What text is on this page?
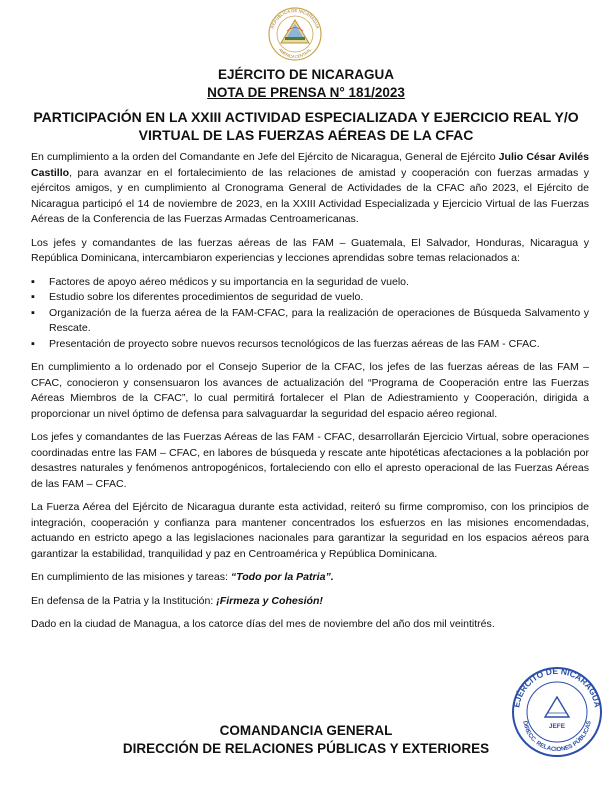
REPÚBLICA DE NICARAGUA
AMÉRICA CENTRAL
EJÉRCITO DE NICARAGUA
NOTA DE PRENSA N° 181/2023
PARTICIPACIÓN EN LA XXIII ACTIVIDAD ESPECIALIZADA Y EJERCICIO REAL Y/O
VIRTUAL DE LAS FUERZAS AÉREAS DE LA CFAC

En cumplimiento a la orden del Comandante en Jefe del Ejército de Nicaragua, General de Ejército Julio César Avilés Castillo, para avanzar en el fortalecimiento de las relaciones de amistad y cooperación con fuerzas armadas y ejércitos amigos, y en cumplimiento al Cronograma General de Actividades de la CFAC año 2023, el Ejército de Nicaragua participó el 14 de noviembre de 2023, en la XXIII Actividad Especializada y Ejercicio Virtual de las Fuerzas Aéreas de la Conferencia de las Fuerzas Armadas Centroamericanas.

Los jefes y comandantes de las fuerzas aéreas de las FAM – Guatemala, El Salvador, Honduras, Nicaragua y República Dominicana, intercambiaron experiencias y lecciones aprendidas sobre temas relacionados a:

▪ Factores de apoyo aéreo médicos y su importancia en la seguridad de vuelo.
▪ Estudio sobre los diferentes procedimientos de seguridad de vuelo.
▪ Organización de la fuerza aérea de la FAM-CFAC, para la realización de operaciones de Búsqueda Salvamento y Rescate.
▪ Presentación de proyecto sobre nuevos recursos tecnológicos de las fuerzas aéreas de las FAM - CFAC.

En cumplimiento a lo ordenado por el Consejo Superior de la CFAC, los jefes de las fuerzas aéreas de las FAM – CFAC, conocieron y consensuaron los avances de actualización del “Programa de Cooperación entre las Fuerzas Aéreas Miembros de la CFAC”, lo cual permitirá fortalecer el Plan de Adiestramiento y Cooperación, dirigida a proporcionar un nivel óptimo de defensa para salvaguardar la seguridad del espacio aéreo regional.

Los jefes y comandantes de las Fuerzas Aéreas de las FAM - CFAC, desarrollarán Ejercicio Virtual, sobre operaciones coordinadas entre las FAM – CFAC, en labores de búsqueda y rescate ante hipotéticas afectaciones a la población por desastres naturales y fenómenos antropogénicos, fortaleciendo con ello el apresto operacional de las Fuerzas Aéreas de las FAM – CFAC.

La Fuerza Aérea del Ejército de Nicaragua durante esta actividad, reiteró su firme compromiso, con los principios de integración, cooperación y confianza para mantener concentrados los esfuerzos en las misiones encomendadas, actuando en estricto apego a las legislaciones nacionales para garantizar la seguridad en los espacios aéreos para garantizar la estabilidad, tranquilidad y paz en Centroamérica y República Dominicana.

En cumplimiento de las misiones y tareas: “Todo por la Patria”.

En defensa de la Patria y la Institución: ¡Firmeza y Cohesión!

Dado en la ciudad de Managua, a los catorce días del mes de noviembre del año dos mil veintitrés.

EJÉRCITO DE NICARAGUA
JEFE
DIRECC. RELACIONES PÚBLICAS
COMANDANCIA GENERAL
DIRECCIÓN DE RELACIONES PÚBLICAS Y EXTERIORES
